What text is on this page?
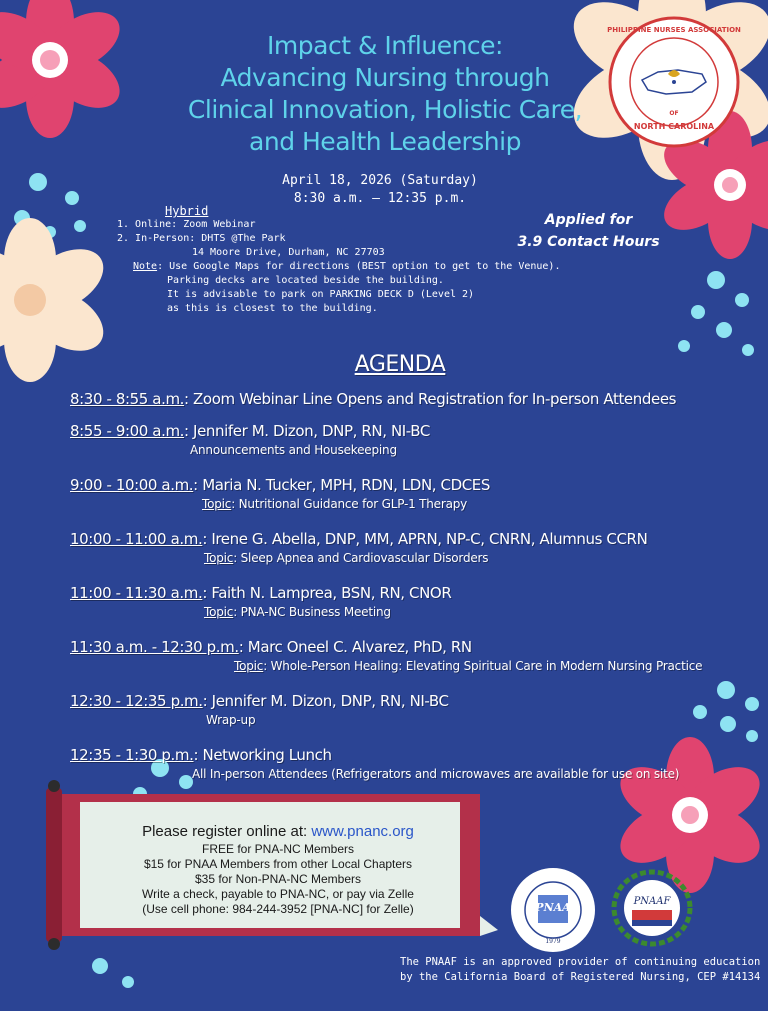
PHILIPPINE NURSES ASSOCIATION
OF
NORTH CAROLINA
Impact & Influence:
Advancing Nursing through
Clinical Innovation, Holistic Care,
and Health Leadership
April 18, 2026 (Saturday)
8:30 a.m. – 12:35 p.m.
Hybrid
1. Online: Zoom Webinar
2. In-Person: DHTS @The Park
14 Moore Drive, Durham, NC 27703
Note: Use Google Maps for directions (BEST option to get to the Venue).
Parking decks are located beside the building.
It is advisable to park on PARKING DECK D (Level 2)
as this is closest to the building.
Applied for
3.9 Contact Hours
AGENDA
8:30 - 8:55 a.m.: Zoom Webinar Line Opens and Registration for In-person Attendees
8:55 - 9:00 a.m.: Jennifer M. Dizon, DNP, RN, NI-BC
Announcements and Housekeeping
9:00 - 10:00 a.m.: Maria N. Tucker, MPH, RDN, LDN, CDCES
Topic: Nutritional Guidance for GLP-1 Therapy
10:00 - 11:00 a.m.: Irene G. Abella, DNP, MM, APRN, NP-C, CNRN, Alumnus CCRN
Topic: Sleep Apnea and Cardiovascular Disorders
11:00 - 11:30 a.m.: Faith N. Lamprea, BSN, RN, CNOR
Topic: PNA-NC Business Meeting
11:30 a.m. - 12:30 p.m.: Marc Oneel C. Alvarez, PhD, RN
Topic: Whole-Person Healing: Elevating Spiritual Care in Modern Nursing Practice
12:30 - 12:35 p.m.: Jennifer M. Dizon, DNP, RN, NI-BC
Wrap-up
12:35 - 1:30 p.m.: Networking Lunch
All In-person Attendees (Refrigerators and microwaves are available for use on site)
Please register online at: www.pnanc.org
FREE for PNA-NC Members
$15 for PNAA Members from other Local Chapters
$35 for Non-PNA-NC Members
Write a check, payable to PNA-NC, or pay via Zelle
(Use cell phone: 984-244-3952 [PNA-NC] for Zelle)	PNAA
1979
PNAAF
The PNAAF is an approved provider of continuing education
by the California Board of Registered Nursing, CEP #14134
